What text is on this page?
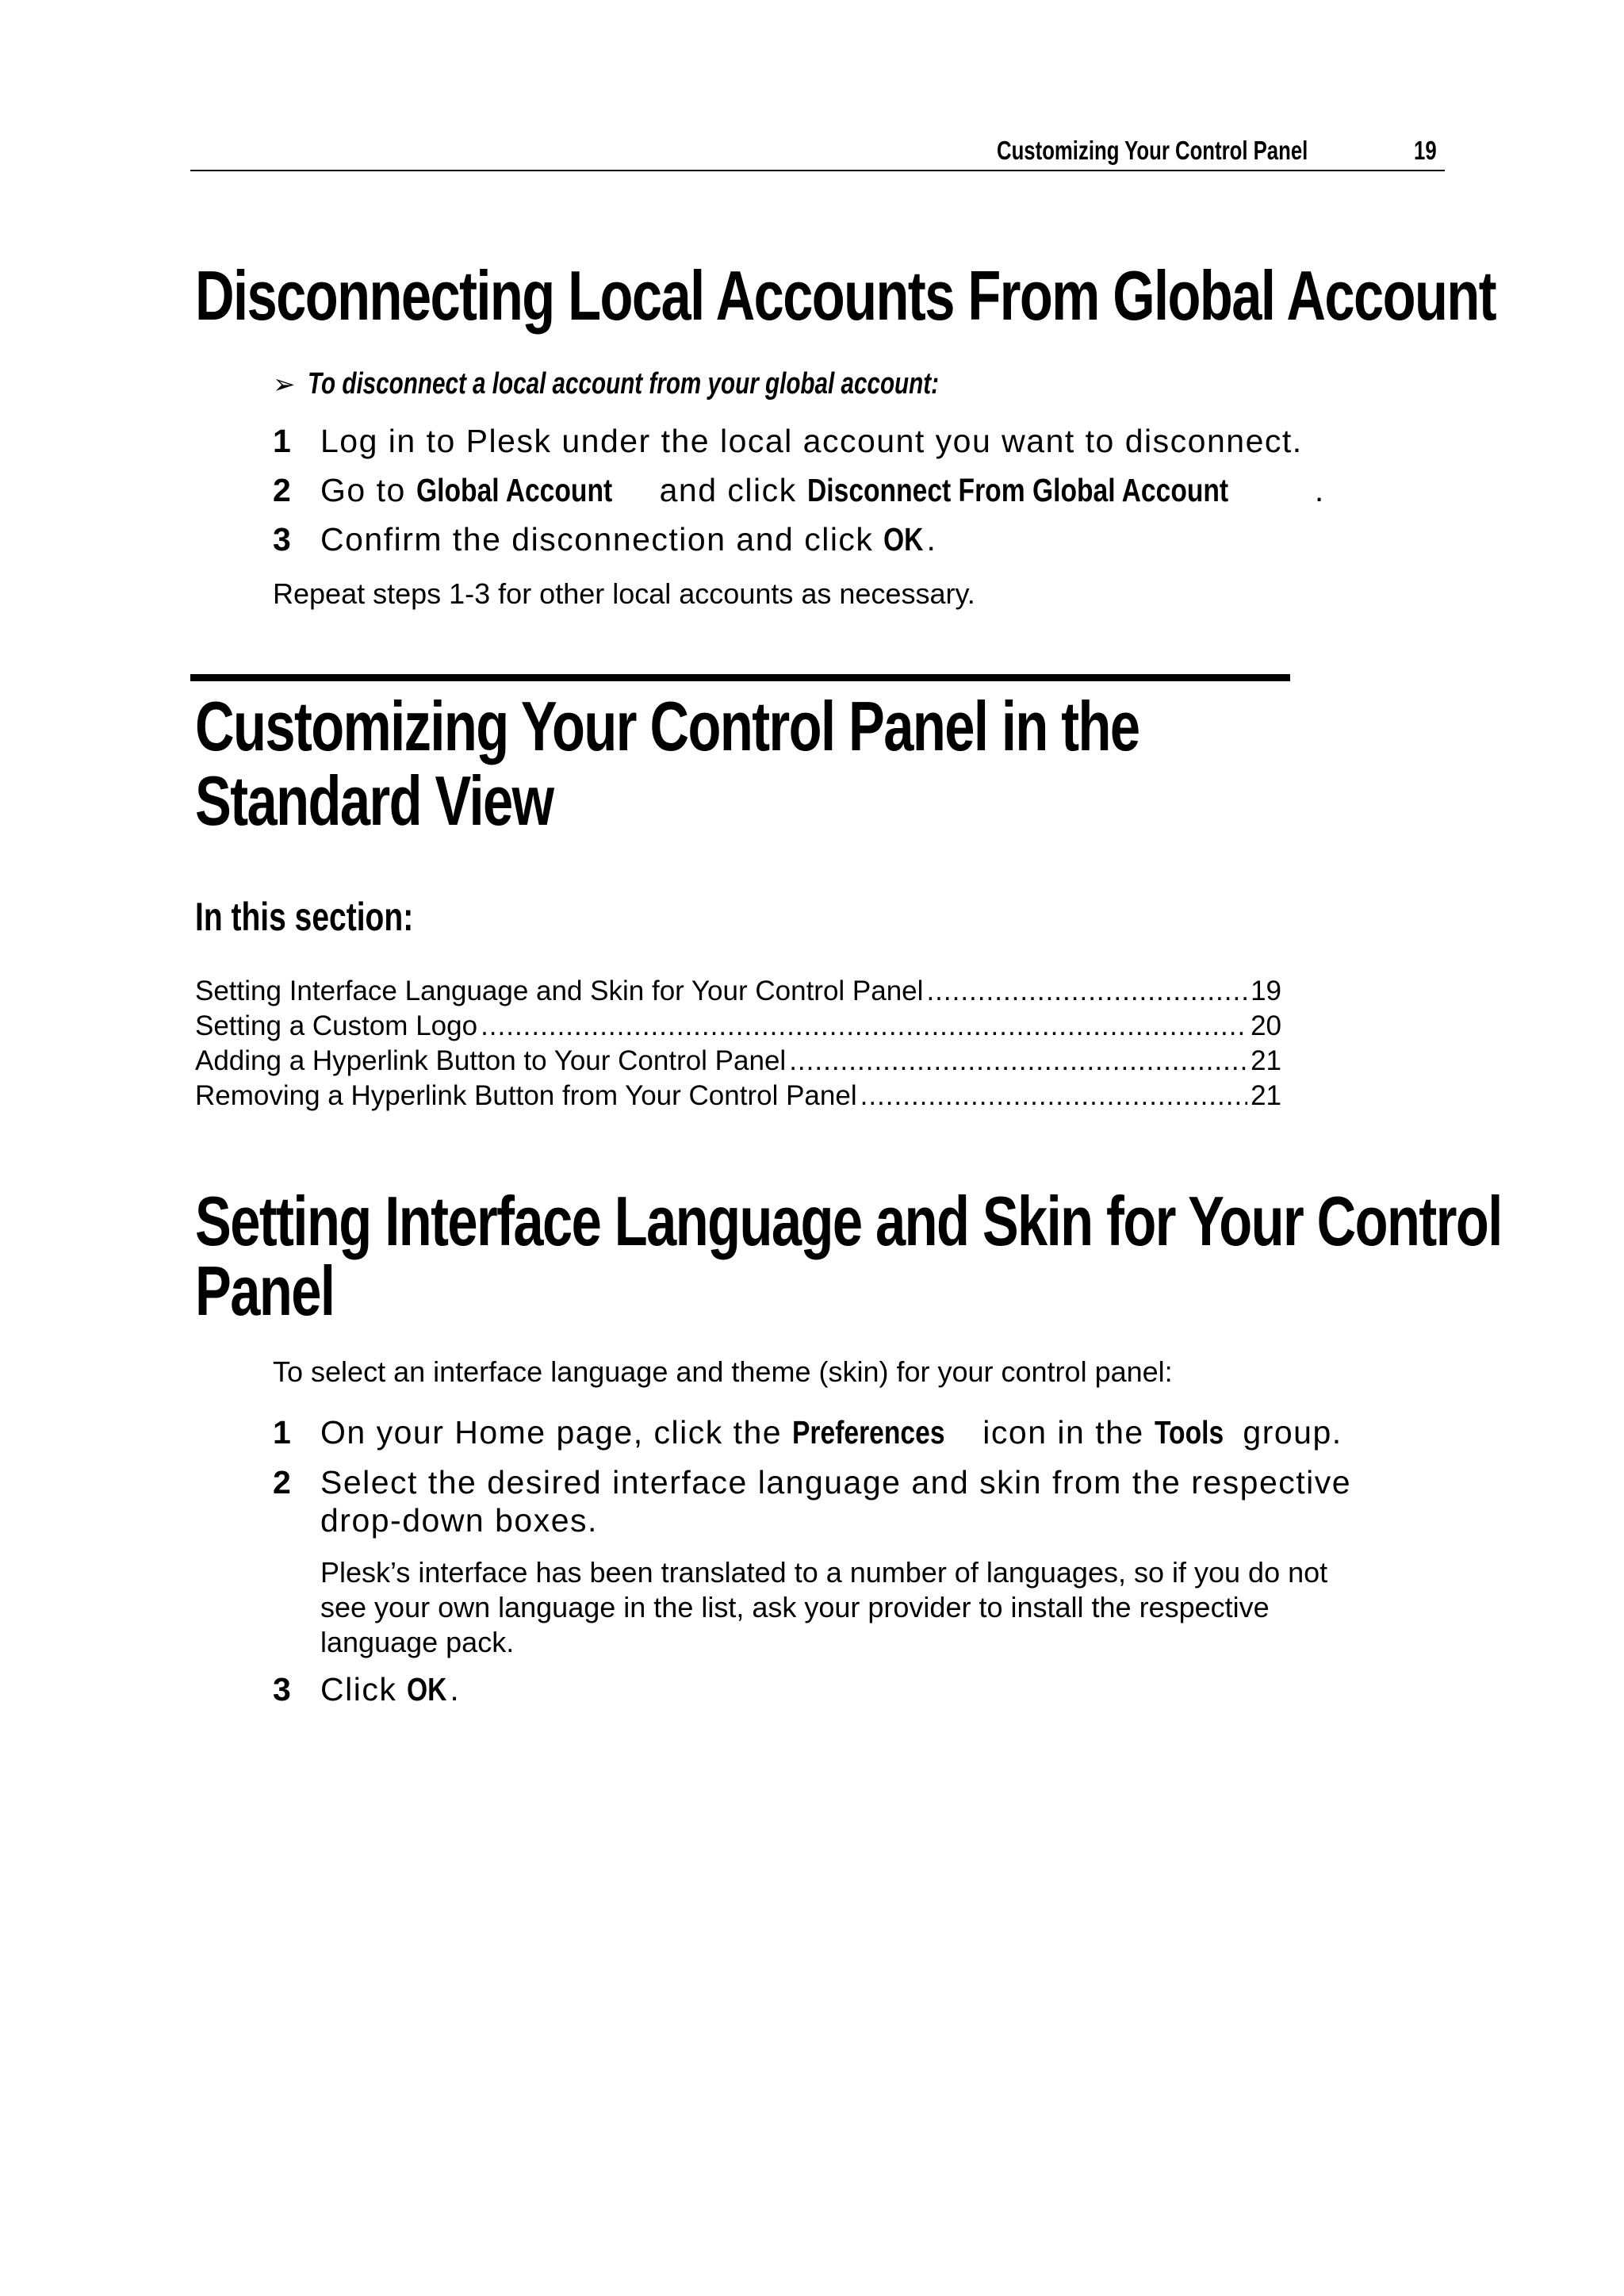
Customizing Your Control Panel	19
Disconnecting Local Accounts From Global Account
➢ To disconnect a local account from your global account:
1 Log in to Plesk under the local account you want to disconnect.
2 Go to Global Account and click Disconnect From Global Account	.
3 Confirm the disconnection and click OK.
Repeat steps 1-3 for other local accounts as necessary.
Customizing Your Control Panel in the
Standard View
In this section:
Setting Interface Language and Skin for Your Control Panel .....	19
Setting a Custom Logo .....	20
Adding a Hyperlink Button to Your Control Panel .....	21
Removing a Hyperlink Button from Your Control Panel .....	21
Setting Interface Language and Skin for Your Control
Panel
To select an interface language and theme (skin) for your control panel:
1 On your Home page, click the Preferences icon in the Tools group.
2 Select the desired interface language and skin from the respective
drop-down boxes.
Plesk’s interface has been translated to a number of languages, so if you do not
see your own language in the list, ask your provider to install the respective
language pack.
3 Click OK.
